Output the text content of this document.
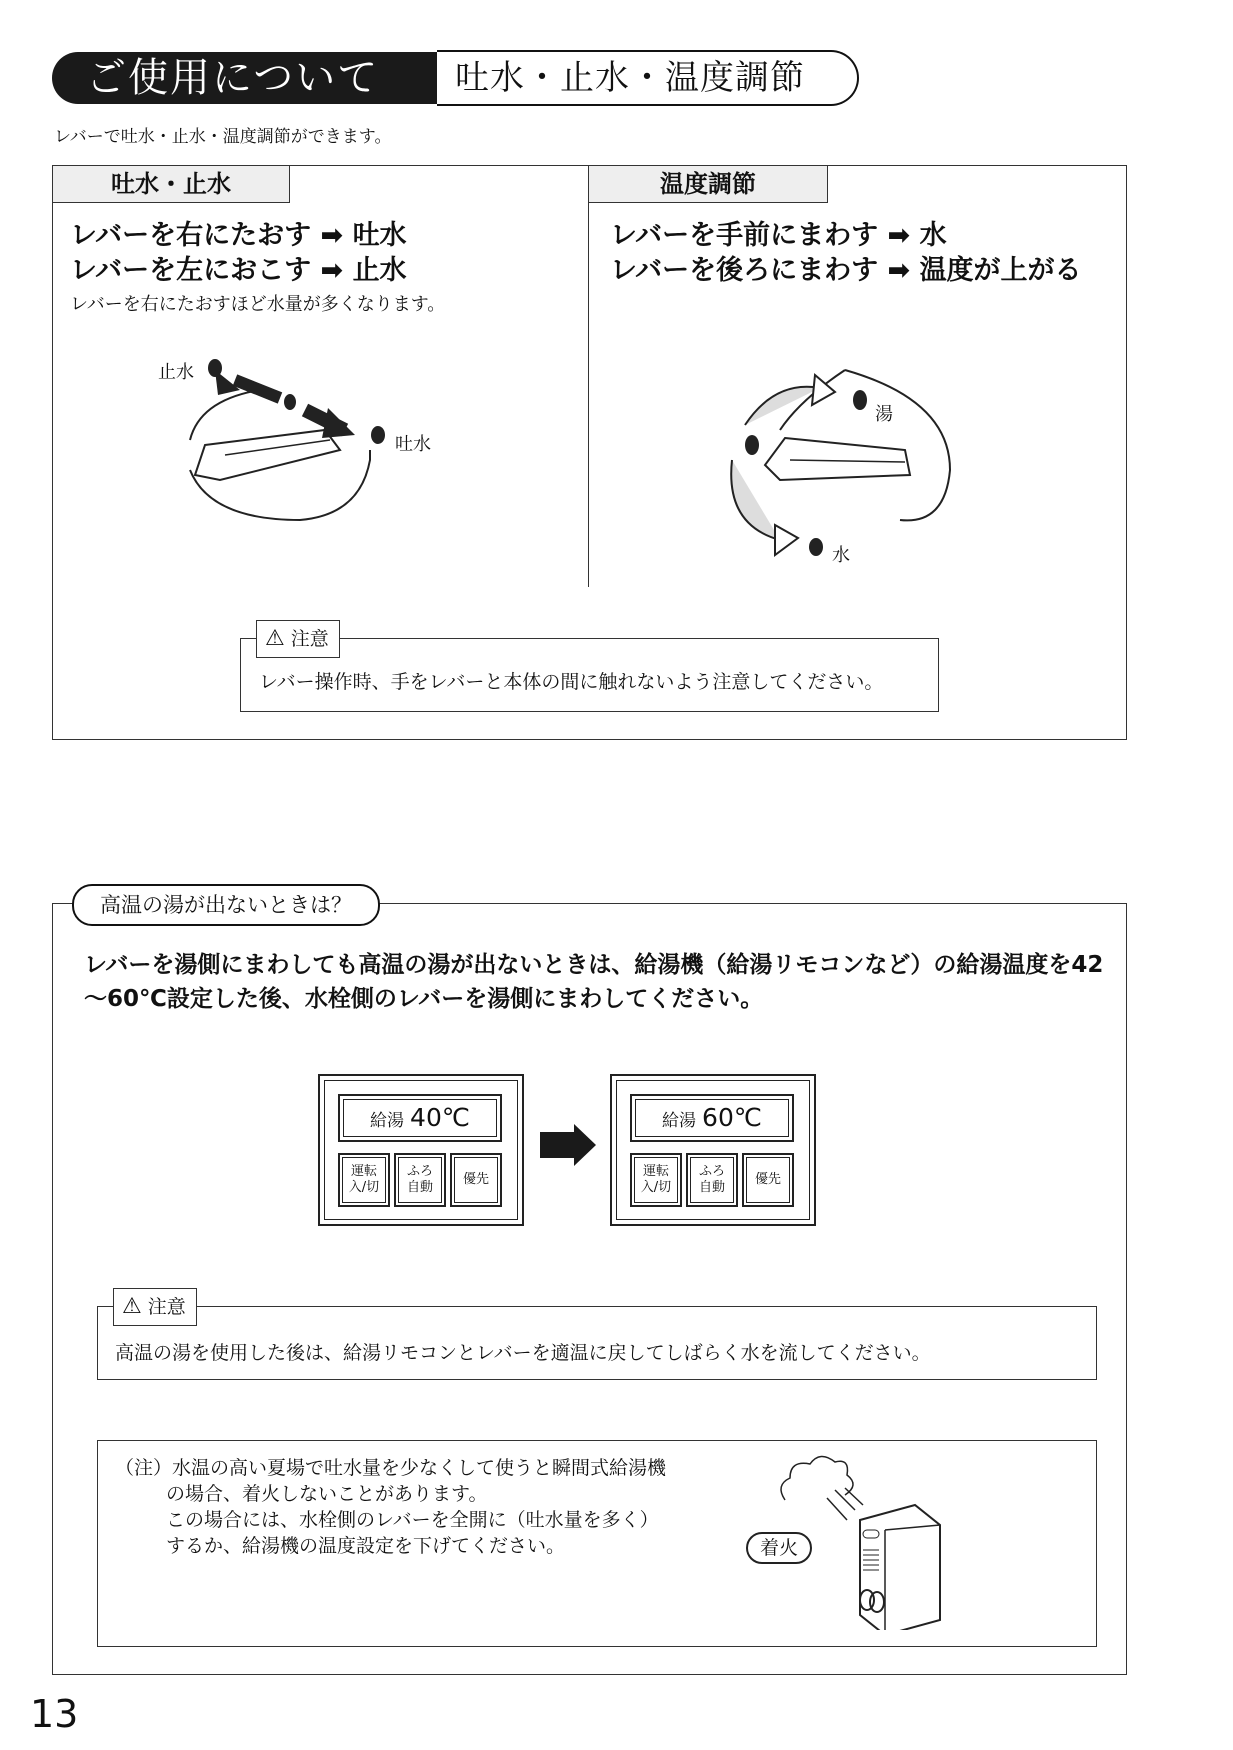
ご使用について	吐水・止水・温度調節
レバーで吐水・止水・温度調節ができます。
吐水・止水
レバーを右にたおす ➡ 吐水
レバーを左におこす ➡ 止水
レバーを右にたおすほど水量が多くなります。
止水
吐水
温度調節
レバーを手前にまわす ➡ 水
レバーを後ろにまわす ➡ 温度が上がる
湯
水
⚠ 注意
レバー操作時、手をレバーと本体の間に触れないよう注意してください。
高温の湯が出ないときは？
レバーを湯側にまわしても高温の湯が出ないときは、給湯機（給湯リモコンなど）の給湯温度を42～60℃設定した後、水栓側のレバーを湯側にまわしてください。
給湯 40℃
運転
入/切
ふろ
自動
優先
給湯 60℃
運転
入/切
ふろ
自動
優先
⚠ 注意
高温の湯を使用した後は、給湯リモコンとレバーを適温に戻してしばらく水を流してください。
（注）水温の高い夏場で吐水量を少なくして使うと瞬間式給湯機
の場合、着火しないことがあります。
この場合には、水栓側のレバーを全開に（吐水量を多く）
するか、給湯機の温度設定を下げてください。	着火
13
